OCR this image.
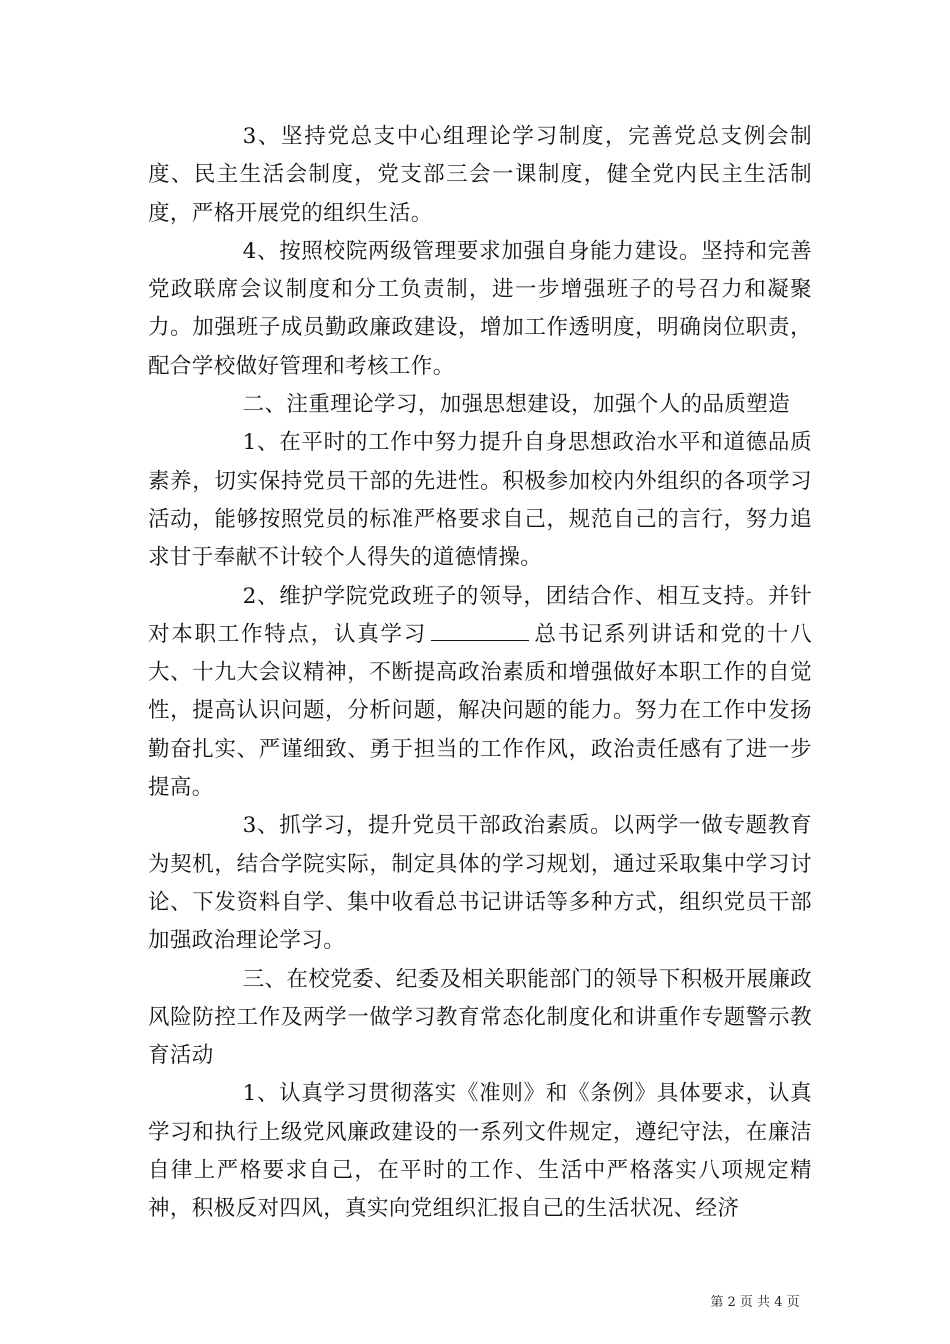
3、坚持党总支中心组理论学习制度，完善党总支例会制度、民主生活会制度，党支部三会一课制度，健全党内民主生活制度，严格开展党的组织生活。

4、按照校院两级管理要求加强自身能力建设。坚持和完善党政联席会议制度和分工负责制，进一步增强班子的号召力和凝聚力。加强班子成员勤政廉政建设，增加工作透明度，明确岗位职责，配合学校做好管理和考核工作。

二、注重理论学习，加强思想建设，加强个人的品质塑造

1、在平时的工作中努力提升自身思想政治水平和道德品质素养，切实保持党员干部的先进性。积极参加校内外组织的各项学习活动，能够按照党员的标准严格要求自己，规范自己的言行，努力追求甘于奉献不计较个人得失的道德情操。

2、维护学院党政班子的领导，团结合作、相互支持。并针对本职工作特点，认真学习	总书记系列讲话和党的十八大、十九大会议精神，不断提高政治素质和增强做好本职工作的自觉性，提高认识问题，分析问题，解决问题的能力。努力在工作中发扬勤奋扎实、严谨细致、勇于担当的工作作风，政治责任感有了进一步提高。

3、抓学习，提升党员干部政治素质。以两学一做专题教育为契机，结合学院实际，制定具体的学习规划，通过采取集中学习讨论、下发资料自学、集中收看总书记讲话等多种方式，组织党员干部加强政治理论学习。

三、在校党委、纪委及相关职能部门的领导下积极开展廉政风险防控工作及两学一做学习教育常态化制度化和讲重作专题警示教育活动

1、认真学习贯彻落实《准则》和《条例》具体要求，认真学习和执行上级党风廉政建设的一系列文件规定，遵纪守法，在廉洁自律上严格要求自己，在平时的工作、生活中严格落实八项规定精神，积极反对四风，真实向党组织汇报自己的生活状况、经济

第 2 页 共 4 页
